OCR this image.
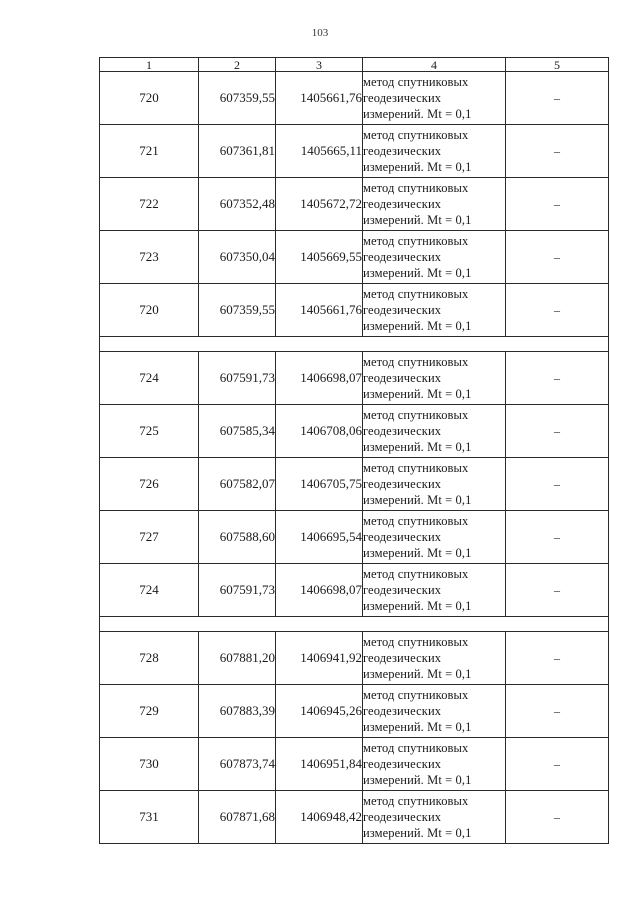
103
1	2	3	4	5
720	607359,55	1405661,76	метод спутниковых
геодезических
измерений. Mt = 0,1	–
721	607361,81	1405665,11	метод спутниковых
геодезических
измерений. Mt = 0,1	–
722	607352,48	1405672,72	метод спутниковых
геодезических
измерений. Mt = 0,1	–
723	607350,04	1405669,55	метод спутниковых
геодезических
измерений. Mt = 0,1	–
720	607359,55	1405661,76	метод спутниковых
геодезических
измерений. Mt = 0,1	–

724	607591,73	1406698,07	метод спутниковых
геодезических
измерений. Mt = 0,1	–
725	607585,34	1406708,06	метод спутниковых
геодезических
измерений. Mt = 0,1	–
726	607582,07	1406705,75	метод спутниковых
геодезических
измерений. Mt = 0,1	–
727	607588,60	1406695,54	метод спутниковых
геодезических
измерений. Mt = 0,1	–
724	607591,73	1406698,07	метод спутниковых
геодезических
измерений. Mt = 0,1	–

728	607881,20	1406941,92	метод спутниковых
геодезических
измерений. Mt = 0,1	–
729	607883,39	1406945,26	метод спутниковых
геодезических
измерений. Mt = 0,1	–
730	607873,74	1406951,84	метод спутниковых
геодезических
измерений. Mt = 0,1	–
731	607871,68	1406948,42	метод спутниковых
геодезических
измерений. Mt = 0,1	–
